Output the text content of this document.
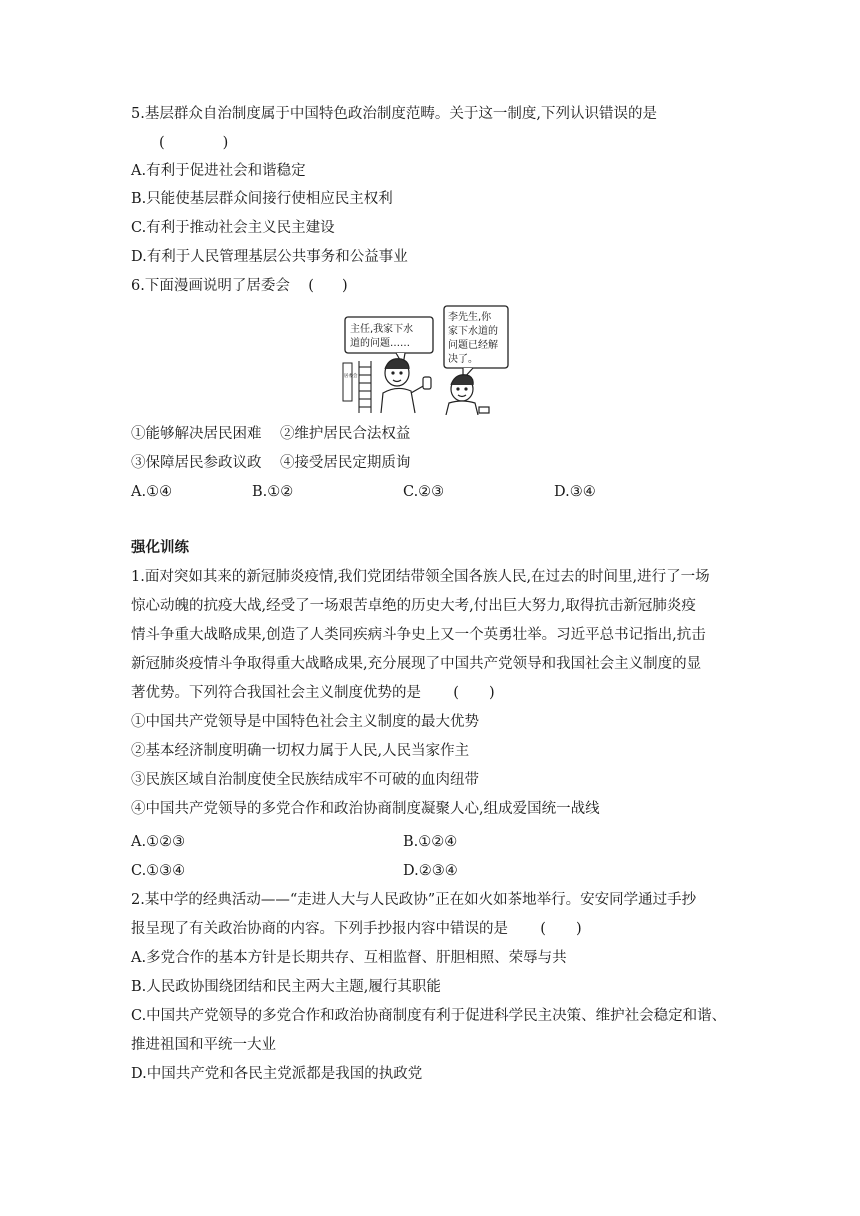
5.基层群众自治制度属于中国特色政治制度范畴。关于这一制度,下列认识错误的是
(	)
A.有利于促进社会和谐稳定
B.只能使基层群众间接行使相应民主权利
C.有利于推动社会主义民主建设
D.有利于人民管理基层公共事务和公益事业
6.下面漫画说明了居委会 ( )
主任,我家下水
道的问题……
李先生,你
家下水道的
问题已经解
决了。
居委会
①能够解决居民困难 ②维护居民合法权益
③保障居民参政议政 ④接受居民定期质询
A.①④	B.①②	C.②③	D.③④
强化训练
1.面对突如其来的新冠肺炎疫情,我们党团结带领全国各族人民,在过去的时间里,进行了一场
惊心动魄的抗疫大战,经受了一场艰苦卓绝的历史大考,付出巨大努力,取得抗击新冠肺炎疫
情斗争重大战略成果,创造了人类同疾病斗争史上又一个英勇壮举。习近平总书记指出,抗击
新冠肺炎疫情斗争取得重大战略成果,充分展现了中国共产党领导和我国社会主义制度的显
著优势。下列符合我国社会主义制度优势的是 ( )
①中国共产党领导是中国特色社会主义制度的最大优势
②基本经济制度明确一切权力属于人民,人民当家作主
③民族区域自治制度使全民族结成牢不可破的血肉纽带
④中国共产党领导的多党合作和政治协商制度凝聚人心,组成爱国统一战线
A.①②③	B.①②④
C.①③④	D.②③④
2.某中学的经典活动——“走进人大与人民政协”正在如火如茶地举行。安安同学通过手抄
报呈现了有关政治协商的内容。下列手抄报内容中错误的是 ( )
A.多党合作的基本方针是长期共存、互相监督、肝胆相照、荣辱与共
B.人民政协围绕团结和民主两大主题,履行其职能
C.中国共产党领导的多党合作和政治协商制度有利于促进科学民主决策、维护社会稳定和谐、
推进祖国和平统一大业
D.中国共产党和各民主党派都是我国的执政党
